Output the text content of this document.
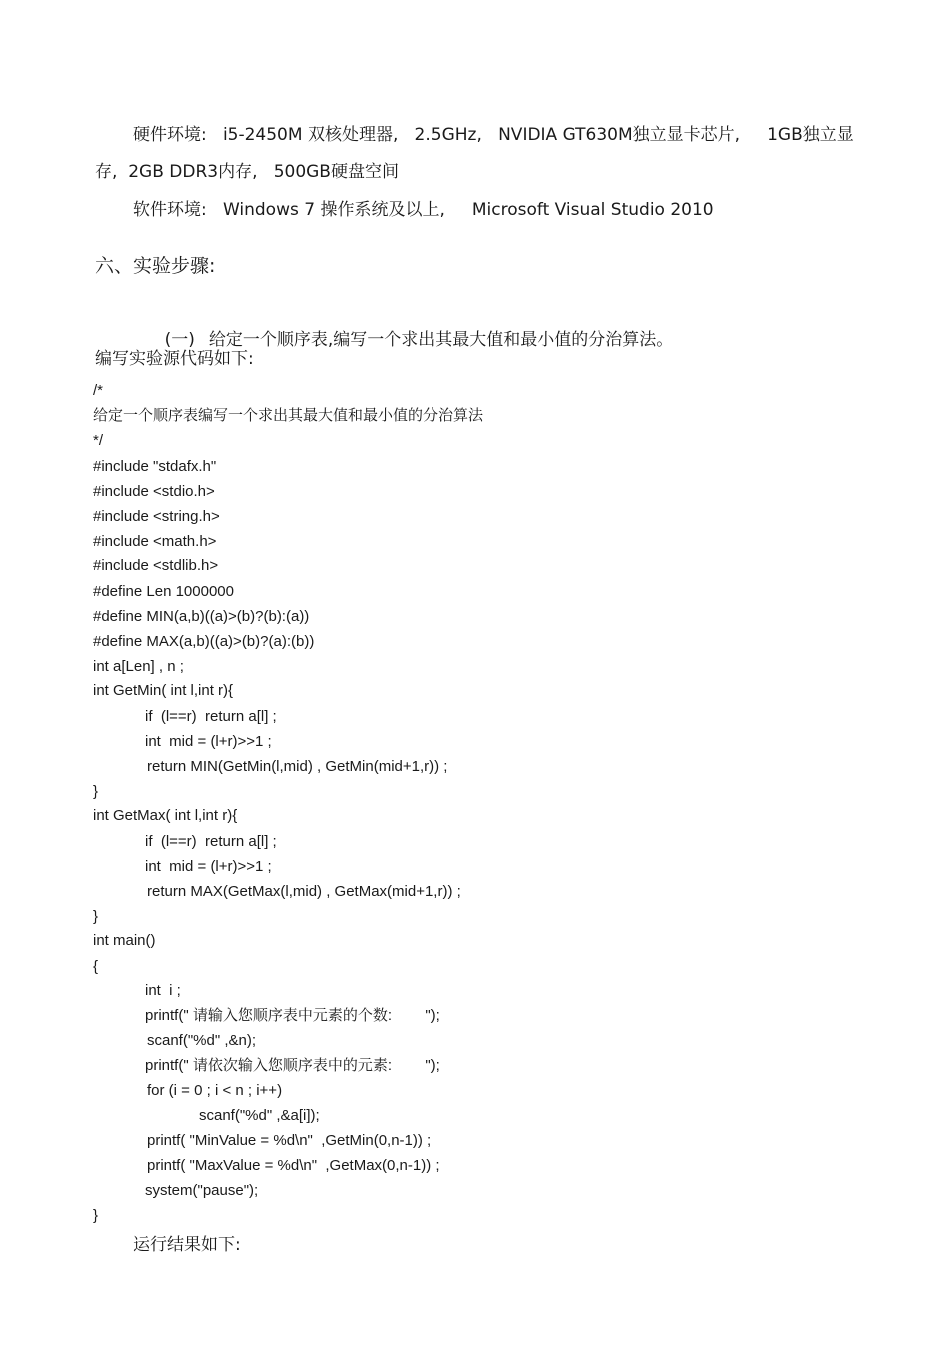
硬件环境:   i5-2450M 双核处理器,   2.5GHz,   NVIDIA GT630M独立显卡芯片,     1GB独立显
存,  2GB DDR3内存,   500GB硬盘空间
软件环境:   Windows 7 操作系统及以上,     Microsoft Visual Studio 2010
六、实验步骤:

(一) 给定一个顺序表,编写一个求出其最大值和最小值的分治算法。

编写实验源代码如下:
/*
给定一个顺序表编写一个求出其最大值和最小值的分治算法
*/
#include "stdafx.h"
#include <stdio.h>
#include <string.h>
#include <math.h>
#include <stdlib.h>
#define Len 1000000
#define MIN(a,b)((a)>(b)?(b):(a))
#define MAX(a,b)((a)>(b)?(a):(b))
int a[Len] , n ;
int GetMin( int l,int r){
if  (l==r)  return a[l] ;
int  mid = (l+r)>>1 ;
return MIN(GetMin(l,mid) , GetMin(mid+1,r)) ;
}
int GetMax( int l,int r){
if  (l==r)  return a[l] ;
int  mid = (l+r)>>1 ;
return MAX(GetMax(l,mid) , GetMax(mid+1,r)) ;
}
int main()
{
int  i ;
printf(" 请输入您顺序表中元素的个数:        ");
scanf("%d" ,&n);
printf(" 请依次输入您顺序表中的元素:        ");
for (i = 0 ; i < n ; i++)
scanf("%d" ,&a[i]);
printf( "MinValue = %d\n"  ,GetMin(0,n-1)) ;
printf( "MaxValue = %d\n"  ,GetMax(0,n-1)) ;
system("pause");
}
运行结果如下:
